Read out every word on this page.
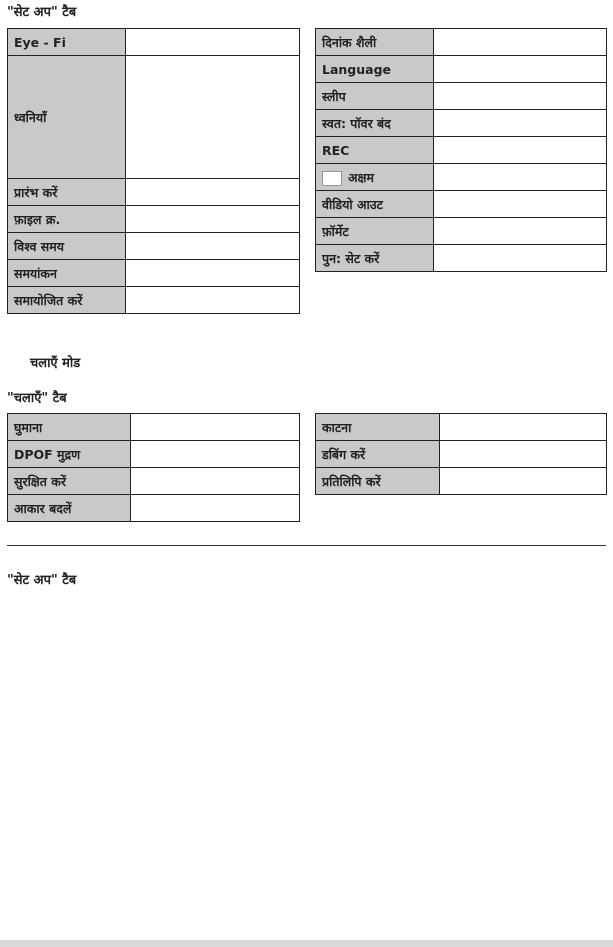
"सेट अप" टैब
Eye - Fi	
ध्वनियाँ	
प्रारंभ करें	
फ़ाइल क्र.	
विश्व समय	
समयांकन	
समायोजित करें	
दिनांक शैली	
Language	
स्लीप	
स्वत: पॉवर बंद	
REC	
अक्षम	
वीडियो आउट	
फ़ॉर्मेट	
पुन: सेट करें	
चलाएँ मोड
"चलाएँ" टैब
घुमाना	
DPOF मुद्रण	
सुरक्षित करें	
आकार बदलें	
काटना	
डबिंग करें	
प्रतिलिपि करें	
"सेट अप" टैब
